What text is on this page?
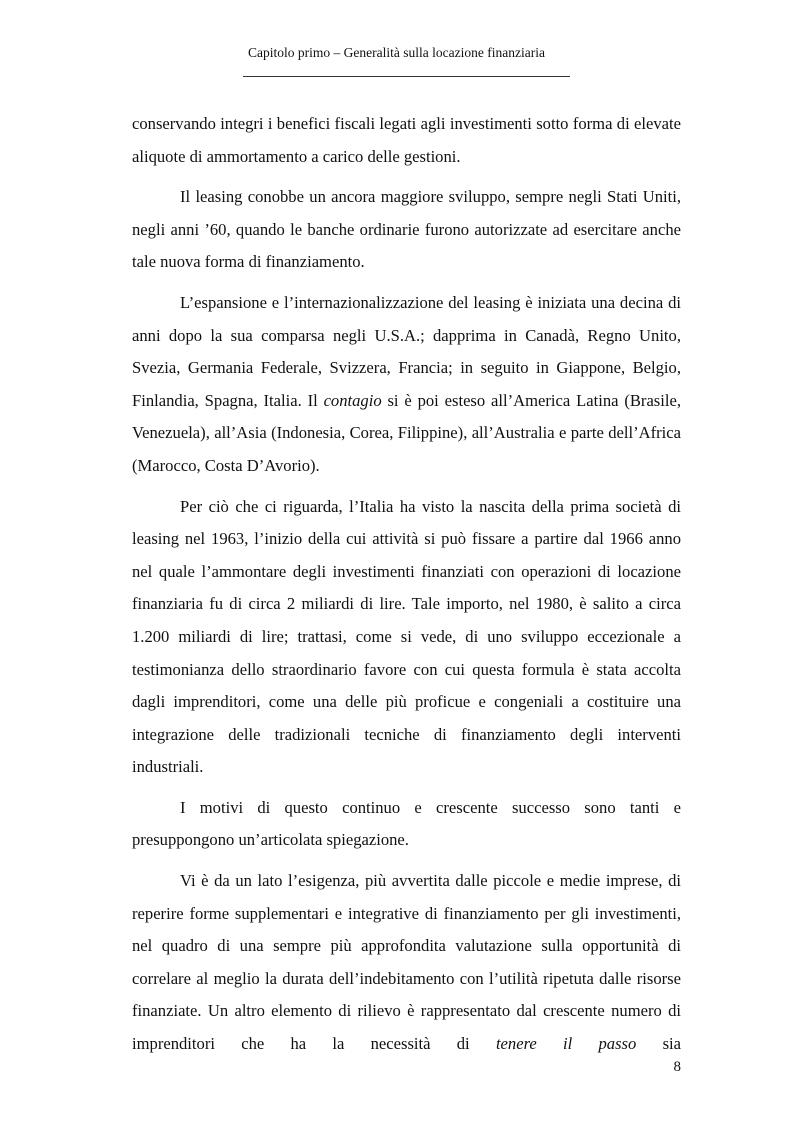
Capitolo primo – Generalità sulla locazione finanziaria

conservando integri i benefici fiscali legati agli investimenti sotto forma di elevate aliquote di ammortamento a carico delle gestioni.

Il leasing conobbe un ancora maggiore sviluppo, sempre negli Stati Uniti, negli anni ’60, quando le banche ordinarie furono autorizzate ad esercitare anche tale nuova forma di finanziamento.

L’espansione e l’internazionalizzazione del leasing è iniziata una decina di anni dopo la sua comparsa negli U.S.A.; dapprima in Canadà, Regno Unito, Svezia, Germania Federale, Svizzera, Francia; in seguito in Giappone, Belgio, Finlandia, Spagna, Italia. Il contagio si è poi esteso all’America Latina (Brasile, Venezuela), all’Asia (Indonesia, Corea, Filippine), all’Australia e parte dell’Africa (Marocco, Costa D’Avorio).

Per ciò che ci riguarda, l’Italia ha visto la nascita della prima società di leasing nel 1963, l’inizio della cui attività si può fissare a partire dal 1966 anno nel quale l’ammontare degli investimenti finanziati con operazioni di locazione finanziaria fu di circa 2 miliardi di lire. Tale importo, nel 1980, è salito a circa 1.200 miliardi di lire; trattasi, come si vede, di uno sviluppo eccezionale a testimonianza dello straordinario favore con cui questa formula è stata accolta dagli imprenditori, come una delle più proficue e congeniali a costituire una integrazione delle tradizionali tecniche di finanziamento degli interventi industriali.

I motivi di questo continuo e crescente successo sono tanti e presuppongono un’articolata spiegazione.

Vi è da un lato l’esigenza, più avvertita dalle piccole e medie imprese, di reperire forme supplementari e integrative di finanziamento per gli investimenti, nel quadro di una sempre più approfondita valutazione sulla opportunità di correlare al meglio la durata dell’indebitamento con l’utilità ripetuta dalle risorse finanziate. Un altro elemento di rilievo è rappresentato dal crescente numero di imprenditori che ha la necessità di tenere il passo sia

8
